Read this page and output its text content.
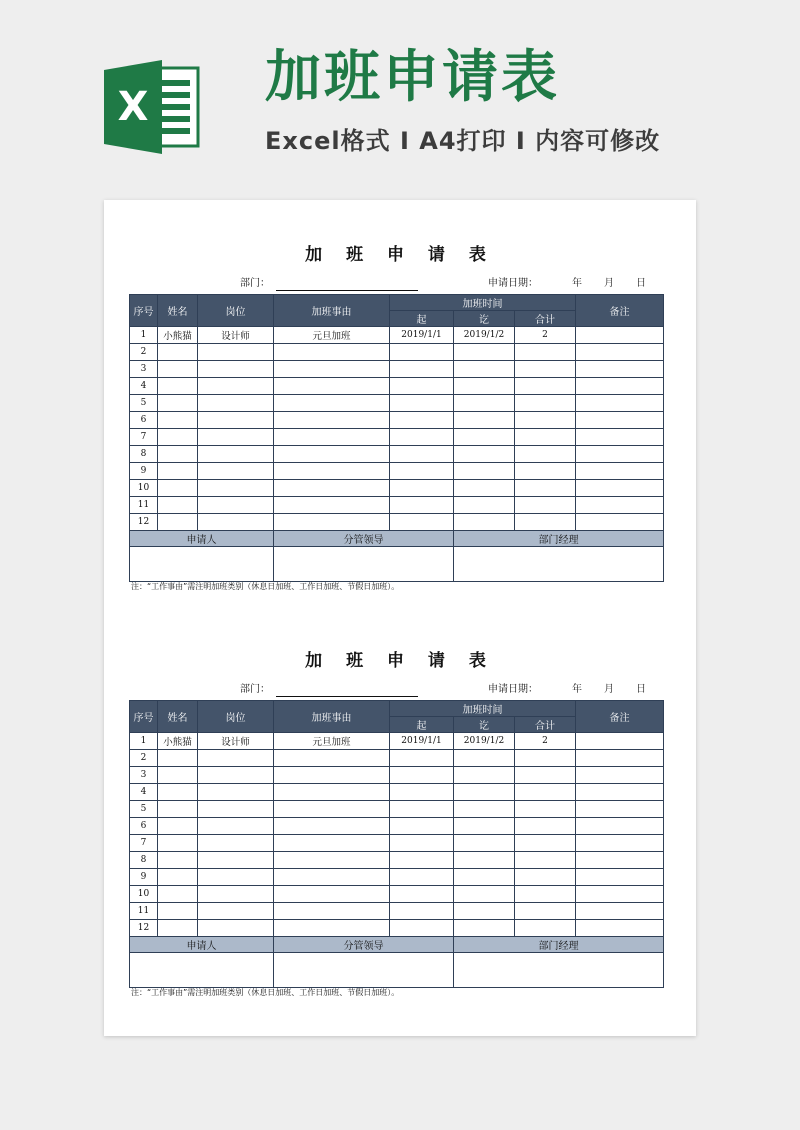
X 加班申请表
Excel格式 I A4打印 I 内容可修改
加 班 申 请 表
部门：	申请日期：	年 月 日
序号	姓名	岗位	加班事由	加班时间			备注
				起	讫	合计	
1	小熊猫	设计师	元旦加班	2019/1/1	2019/1/2	2	
2							
3							
4							
5							
6							
7							
8							
9							
10							
11							
12							
申请人			分管领导		部门经理		

注：“工作事由”需注明加班类别（休息日加班、工作日加班、节假日加班）。
加 班 申 请 表
部门：	申请日期：	年 月 日
序号	姓名	岗位	加班事由	加班时间			备注
				起	讫	合计	
1	小熊猫	设计师	元旦加班	2019/1/1	2019/1/2	2	
2							
3							
4							
5							
6							
7							
8							
9							
10							
11							
12							
申请人			分管领导		部门经理		

注：“工作事由”需注明加班类别（休息日加班、工作日加班、节假日加班）。
